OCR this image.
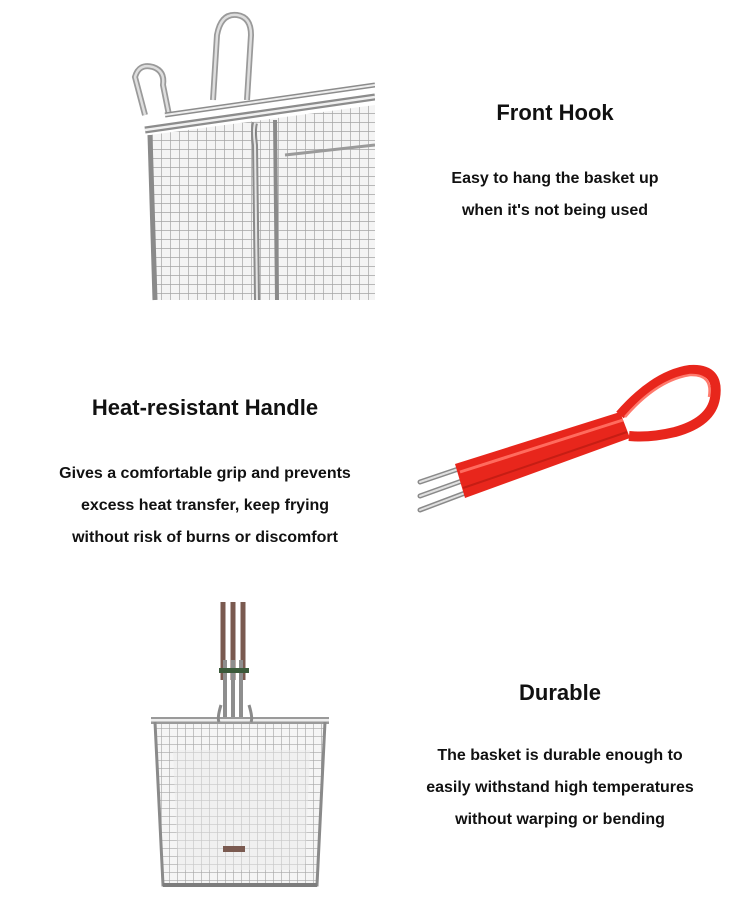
Front Hook
Easy to hang the basket up
when it's not being used
Heat-resistant Handle
Gives a comfortable grip and prevents
excess heat transfer, keep frying
without risk of burns or discomfort
Durable
The basket is durable enough to
easily withstand high temperatures
without warping or bending
